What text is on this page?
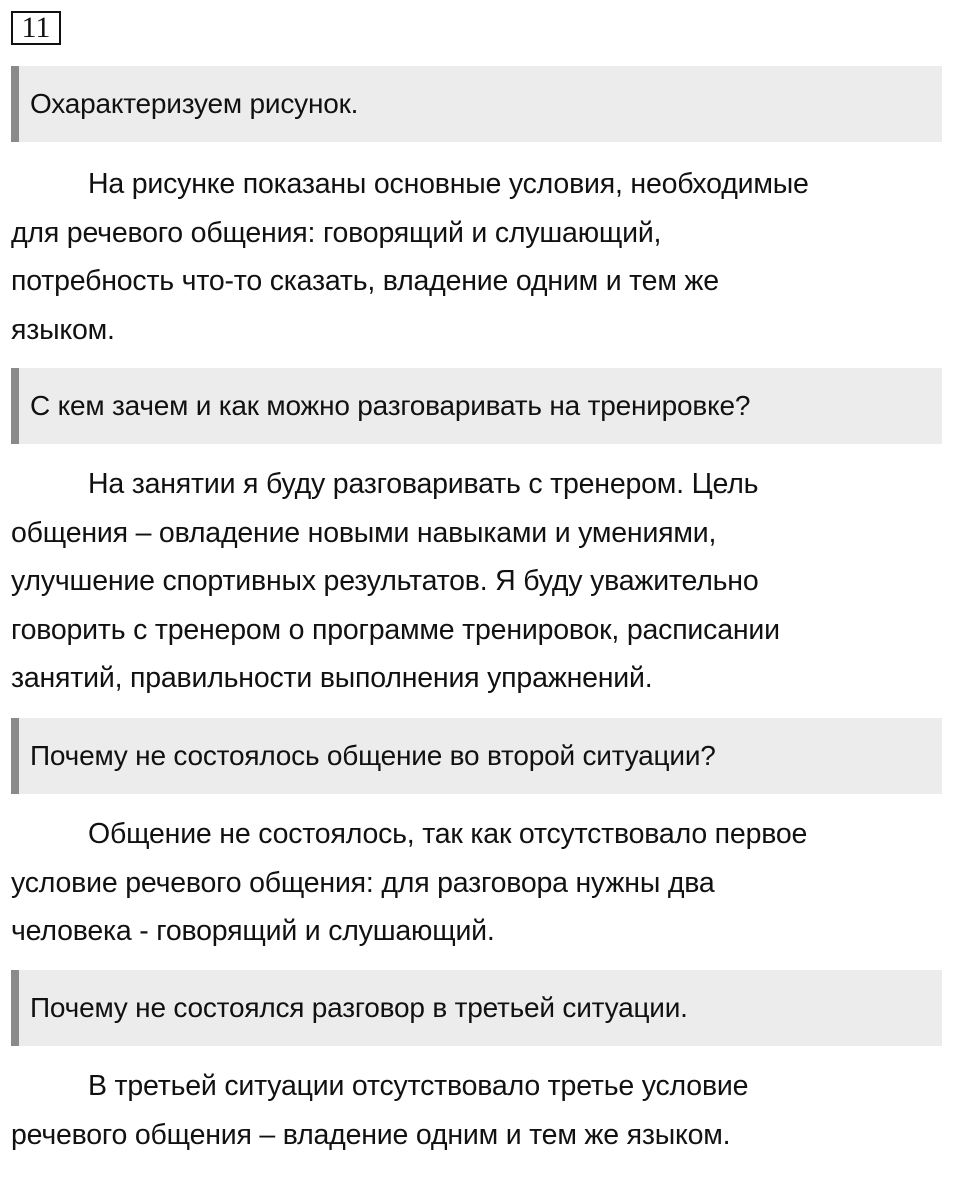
11
Охарактеризуем рисунок.
На рисунке показаны основные условия, необходимые
для речевого общения: говорящий и слушающий,
потребность что-то сказать, владение одним и тем же
языком.
С кем зачем и как можно разговаривать на тренировке?
На занятии я буду разговаривать с тренером. Цель
общения – овладение новыми навыками и умениями,
улучшение спортивных результатов. Я буду уважительно
говорить с тренером о программе тренировок, расписании
занятий, правильности выполнения упражнений.
Почему не состоялось общение во второй ситуации?
Общение не состоялось, так как отсутствовало первое
условие речевого общения: для разговора нужны два
человека - говорящий и слушающий.
Почему не состоялся разговор в третьей ситуации.
В третьей ситуации отсутствовало третье условие
речевого общения – владение одним и тем же языком.
